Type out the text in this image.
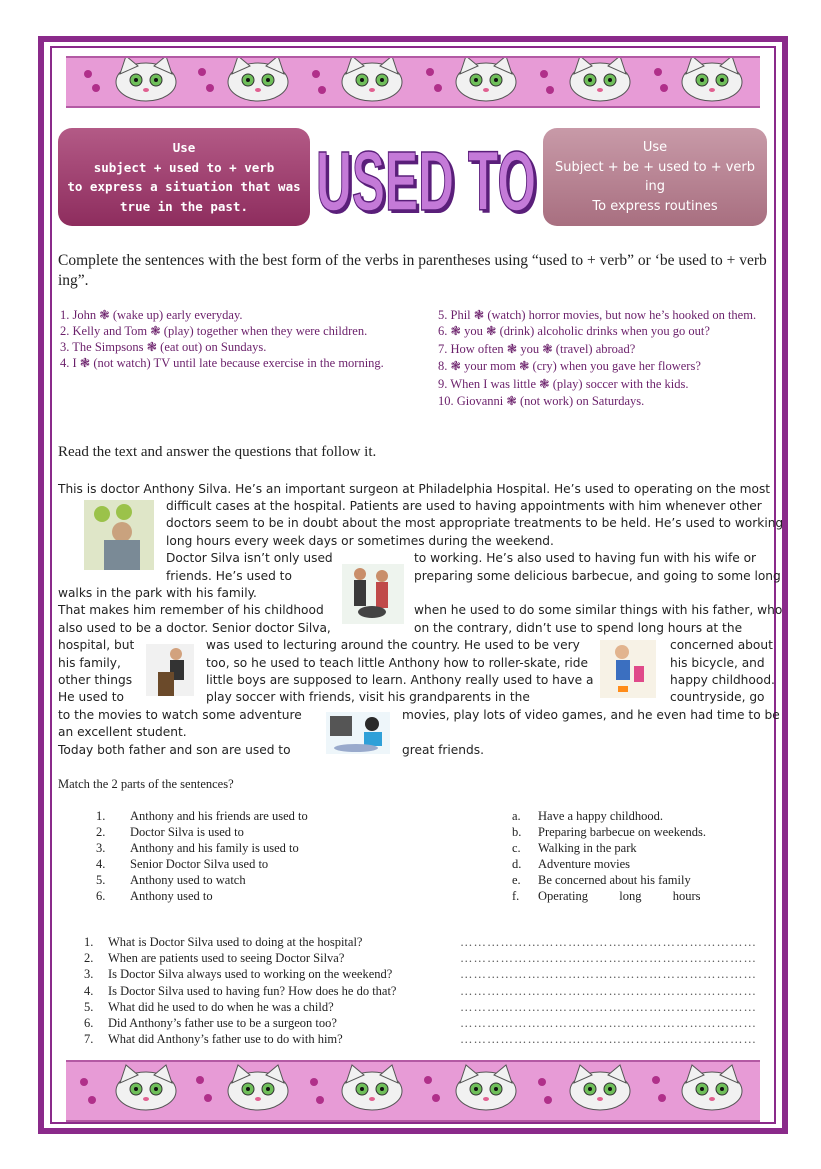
Use
subject + used to + verb
to express a situation that was
true in the past. USED TO
USED TO	Use
Subject + be + used to + verb
ing
To express routines
Complete the sentences with the best form of the verbs in parentheses using “used to + verb” or ‘be used to + verb ing”.
1. John ❃ (wake up) early everyday.
2. Kelly and Tom ❃ (play) together when they were children.
3. The Simpsons ❃ (eat out) on Sundays.
4. I ❃ (not watch) TV until late because exercise in the morning.
5. Phil ❃ (watch) horror movies, but now he’s hooked on them.
6. ❃ you ❃ (drink) alcoholic drinks when you go out?
7. How often ❃ you ❃ (travel) abroad?
8. ❃ your mom ❃ (cry) when you gave her flowers?
9. When I was little ❃ (play) soccer with the kids.
10. Giovanni ❃ (not work) on Saturdays.
Read the text and answer the questions that follow it.
This is doctor Anthony Silva. He’s an important surgeon at Philadelphia Hospital. He’s used to operating on the most
difficult cases at the hospital. Patients are used to having appointments with him whenever other
doctors seem to be in doubt about the most appropriate treatments to be held. He’s used to working
long hours every week days or sometimes during the weekend.
Doctor Silva isn’t only used	to working. He’s also used to having fun with his wife or
friends. He’s used to	preparing some delicious barbecue, and going to some long
walks in the park with his family.
That makes him remember of his childhood	when he used to do some similar things with his father, who
also used to be a doctor. Senior doctor Silva,	on the contrary, didn’t use to spend long hours at the
hospital, but	was used to lecturing around the country. He used to be very	concerned about
his family,	too, so he used to teach little Anthony how to roller-skate, ride	his bicycle, and
other things	little boys are supposed to learn. Anthony really used to have a	happy childhood.
He used to	play soccer with friends, visit his grandparents in the	countryside, go
to the movies to watch some adventure	movies, play lots of video games, and he even had time to be
an excellent student.
Today both father and son are used to	great friends.
Match the 2 parts of the sentences?
1.	Anthony and his friends are used to
2.	Doctor Silva is used to
3.	Anthony and his family is used to
4.	Senior Doctor Silva used to
5.	Anthony used to watch
6.	Anthony used to
a.	Have a happy childhood.
b.	Preparing barbecue on weekends.
c.	Walking in the park
d.	Adventure movies
e.	Be concerned about his family
f.	Operating          long          hours
1.	What is Doctor Silva used to doing at the hospital?	…………………………………………………………
2.	When are patients used to seeing Doctor Silva?	…………………………………………………………
3.	Is Doctor Silva always used to working on the weekend?	…………………………………………………………
4.	Is Doctor Silva used to having fun? How does he do that?	…………………………………………………………
5.	What did he used to do when he was a child?	…………………………………………………………
6.	Did Anthony’s father use to be a surgeon too?	…………………………………………………………
7.	What did Anthony’s father use to do with him?	…………………………………………………………
